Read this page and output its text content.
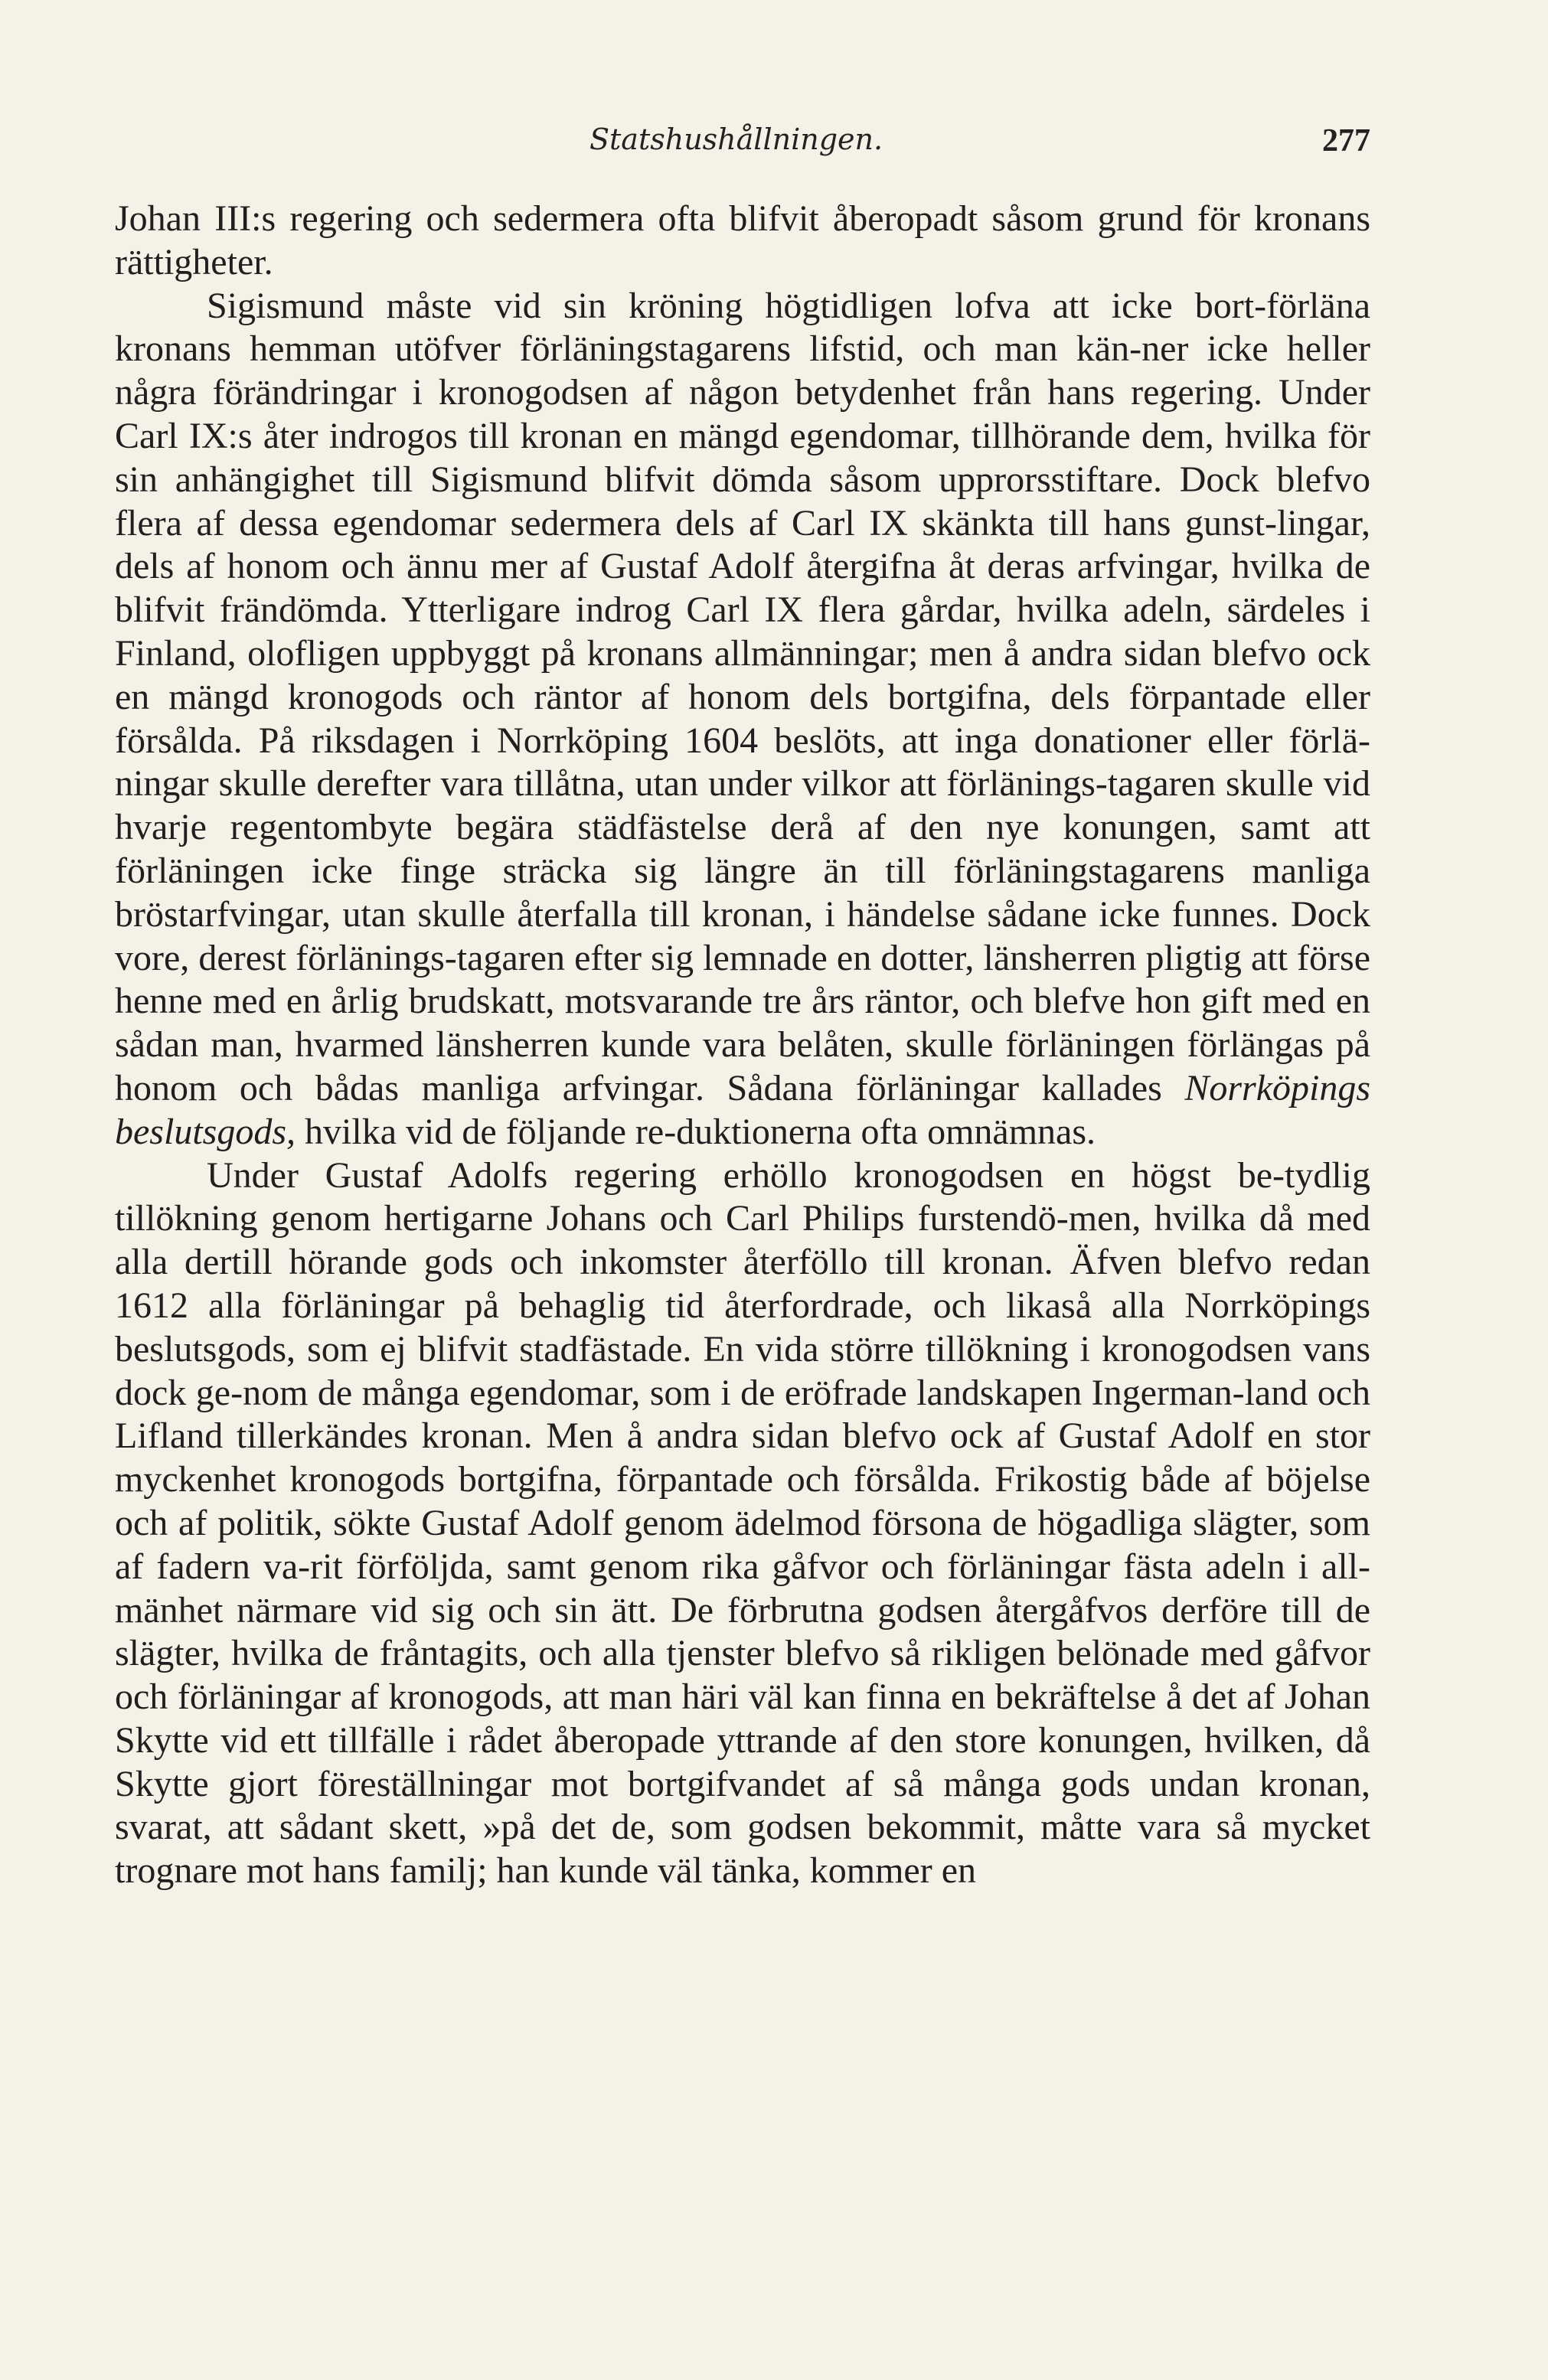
Statshushållningen.	277

Johan III:s regering och sedermera ofta blifvit åberopadt såsom grund för kronans rättigheter.

Sigismund måste vid sin kröning högtidligen lofva att icke bort-förläna kronans hemman utöfver förläningstagarens lifstid, och man kän-ner icke heller några förändringar i kronogodsen af någon betydenhet från hans regering. Under Carl IX:s åter indrogos till kronan en mängd egendomar, tillhörande dem, hvilka för sin anhängighet till Sigismund blifvit dömda såsom upprorsstiftare. Dock blefvo flera af dessa egendomar sedermera dels af Carl IX skänkta till hans gunst-lingar, dels af honom och ännu mer af Gustaf Adolf återgifna åt deras arfvingar, hvilka de blifvit frändömda. Ytterligare indrog Carl IX flera gårdar, hvilka adeln, särdeles i Finland, olofligen uppbyggt på kronans allmänningar; men å andra sidan blefvo ock en mängd kronogods och räntor af honom dels bortgifna, dels förpantade eller försålda. På riksdagen i Norrköping 1604 beslöts, att inga donationer eller förlä-ningar skulle derefter vara tillåtna, utan under vilkor att förlänings-tagaren skulle vid hvarje regentombyte begära städfästelse derå af den nye konungen, samt att förläningen icke finge sträcka sig längre än till förläningstagarens manliga bröstarfvingar, utan skulle återfalla till kronan, i händelse sådane icke funnes. Dock vore, derest förlänings-tagaren efter sig lemnade en dotter, länsherren pligtig att förse henne med en årlig brudskatt, motsvarande tre års räntor, och blefve hon gift med en sådan man, hvarmed länsherren kunde vara belåten, skulle förläningen förlängas på honom och bådas manliga arfvingar. Sådana förläningar kallades Norrköpings beslutsgods, hvilka vid de följande re-duktionerna ofta omnämnas.

Under Gustaf Adolfs regering erhöllo kronogodsen en högst be-tydlig tillökning genom hertigarne Johans och Carl Philips furstendö-men, hvilka då med alla dertill hörande gods och inkomster återföllo till kronan. Äfven blefvo redan 1612 alla förläningar på behaglig tid återfordrade, och likaså alla Norrköpings beslutsgods, som ej blifvit stadfästade. En vida större tillökning i kronogodsen vans dock ge-nom de många egendomar, som i de eröfrade landskapen Ingerman-land och Lifland tillerkändes kronan. Men å andra sidan blefvo ock af Gustaf Adolf en stor myckenhet kronogods bortgifna, förpantade och försålda. Frikostig både af böjelse och af politik, sökte Gustaf Adolf genom ädelmod försona de högadliga slägter, som af fadern va-rit förföljda, samt genom rika gåfvor och förläningar fästa adeln i all-mänhet närmare vid sig och sin ätt. De förbrutna godsen återgåfvos derföre till de slägter, hvilka de fråntagits, och alla tjenster blefvo så rikligen belönade med gåfvor och förläningar af kronogods, att man häri väl kan finna en bekräftelse å det af Johan Skytte vid ett tillfälle i rådet åberopade yttrande af den store konungen, hvilken, då Skytte gjort föreställningar mot bortgifvandet af så många gods undan kronan, svarat, att sådant skett, »på det de, som godsen bekommit, måtte vara så mycket trognare mot hans familj; han kunde väl tänka, kommer en
